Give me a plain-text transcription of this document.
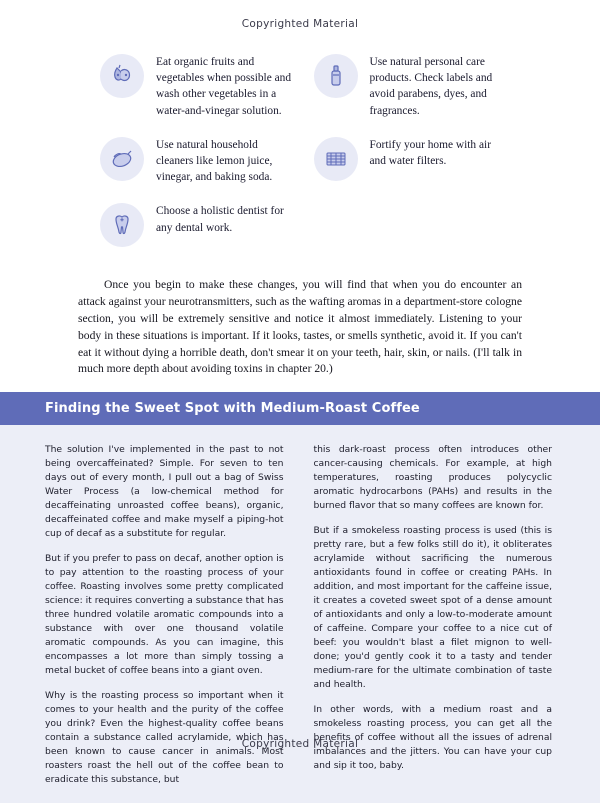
Copyrighted Material
Eat organic fruits and vegetables when possible and wash other vegetables in a water-and-vinegar solution.
Use natural personal care products. Check labels and avoid parabens, dyes, and fragrances.
Use natural household cleaners like lemon juice, vinegar, and baking soda.
Fortify your home with air and water filters.
Choose a holistic dentist for any dental work.
Once you begin to make these changes, you will find that when you do encounter an attack against your neurotransmitters, such as the wafting aromas in a department-store cologne section, you will be extremely sensitive and notice it almost immediately. Listening to your body in these situations is important. If it looks, tastes, or smells synthetic, avoid it. If you can't eat it without dying a horrible death, don't smear it on your teeth, hair, skin, or nails. (I'll talk in much more depth about avoiding toxins in chapter 20.)
Finding the Sweet Spot with Medium-Roast Coffee

The solution I've implemented in the past to not being overcaffeinated? Simple. For seven to ten days out of every month, I pull out a bag of Swiss Water Process (a low-chemical method for decaffeinating unroasted coffee beans), organic, decaffeinated coffee and make myself a piping-hot cup of decaf as a substitute for regular.

But if you prefer to pass on decaf, another option is to pay attention to the roasting process of your coffee. Roasting involves some pretty complicated science: it requires converting a substance that has three hundred volatile aromatic compounds into a substance with over one thousand volatile aromatic compounds. As you can imagine, this encompasses a lot more than simply tossing a metal bucket of coffee beans into a giant oven.

Why is the roasting process so important when it comes to your health and the purity of the coffee you drink? Even the highest-quality coffee beans contain a substance called acrylamide, which has been known to cause cancer in animals. Most roasters roast the hell out of the coffee bean to eradicate this substance, but

this dark-roast process often introduces other cancer-causing chemicals. For example, at high temperatures, roasting produces polycyclic aromatic hydrocarbons (PAHs) and results in the burned flavor that so many coffees are known for.

But if a smokeless roasting process is used (this is pretty rare, but a few folks still do it), it obliterates acrylamide without sacrificing the numerous antioxidants found in coffee or creating PAHs. In addition, and most important for the caffeine issue, it creates a coveted sweet spot of a dense amount of antioxidants and only a low-to-moderate amount of caffeine. Compare your coffee to a nice cut of beef: you wouldn't blast a filet mignon to well-done; you'd gently cook it to a tasty and tender medium-rare for the ultimate combination of taste and health.

In other words, with a medium roast and a smokeless roasting process, you can get all the benefits of coffee without all the issues of adrenal imbalances and the jitters. You can have your cup and sip it too, baby.

Copyrighted Material
